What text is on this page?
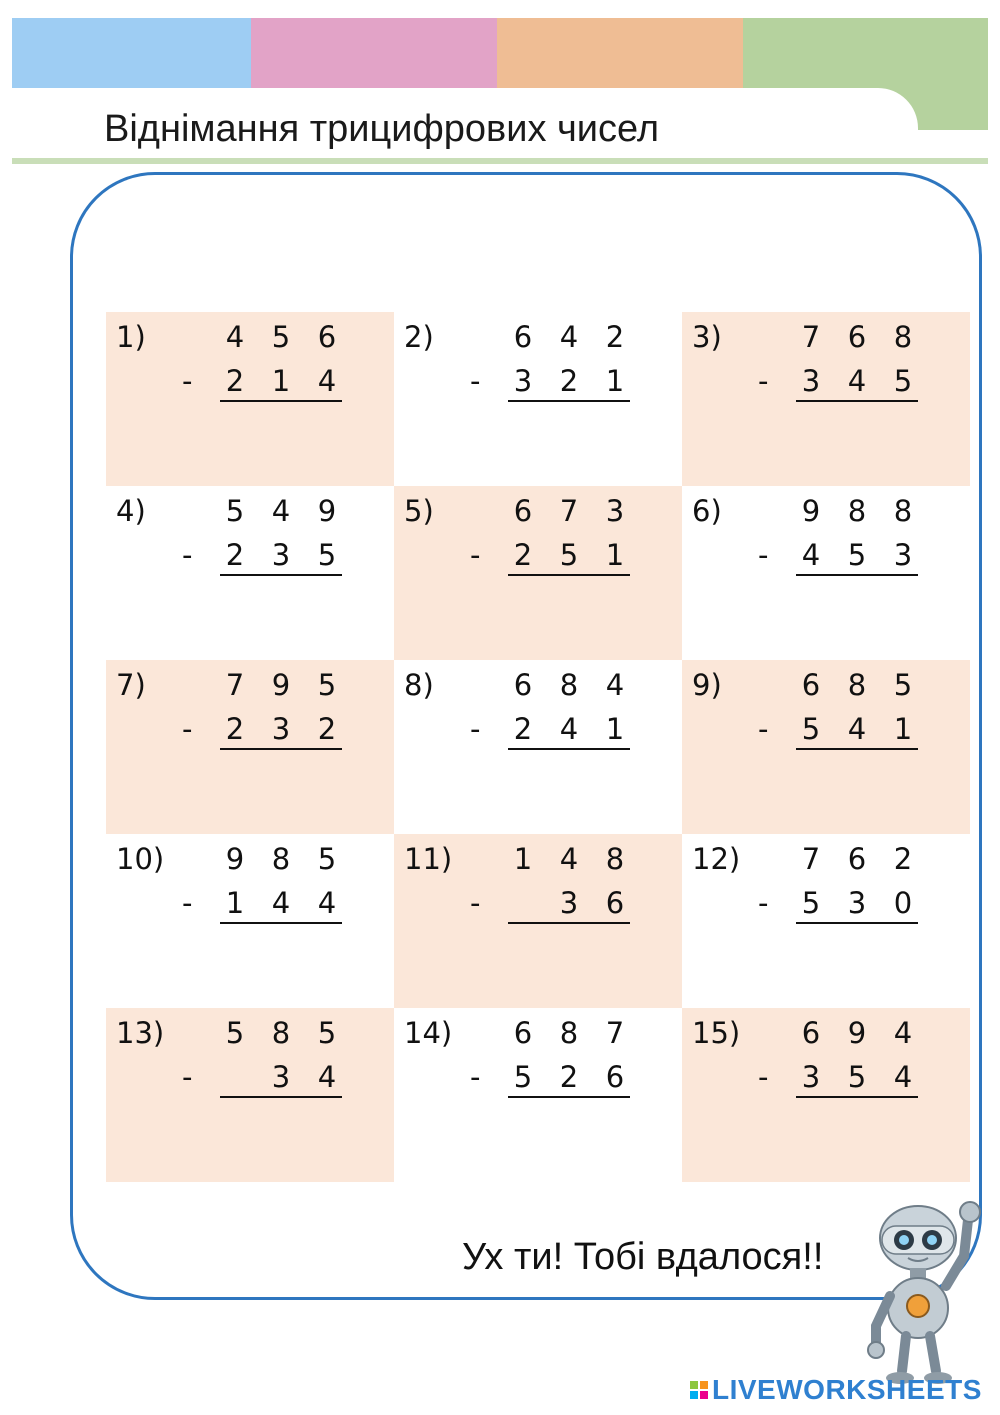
Віднімання трицифрових чисел
1)	4 5 6
- 2 1 4
2)	6 4 2
- 3 2 1
3)	7 6 8
- 3 4 5
4)	5 4 9
- 2 3 5
5)	6 7 3
- 2 5 1
6)	9 8 8
- 4 5 3
7)	7 9 5
- 2 3 2
8)	6 8 4
- 2 4 1
9)	6 8 5
- 5 4 1
10) 9 8 5
- 1 4 4
11) 1 4 8
-
	3 6
12) 7 6 2
- 5 3 0
13) 5 8 5
-
	3 4
14) 6 8 7
- 5 2 6
15) 6 9 4
- 3 5 4
Ух ти! Тобі вдалося!!
LIVEWORKSHEETS
